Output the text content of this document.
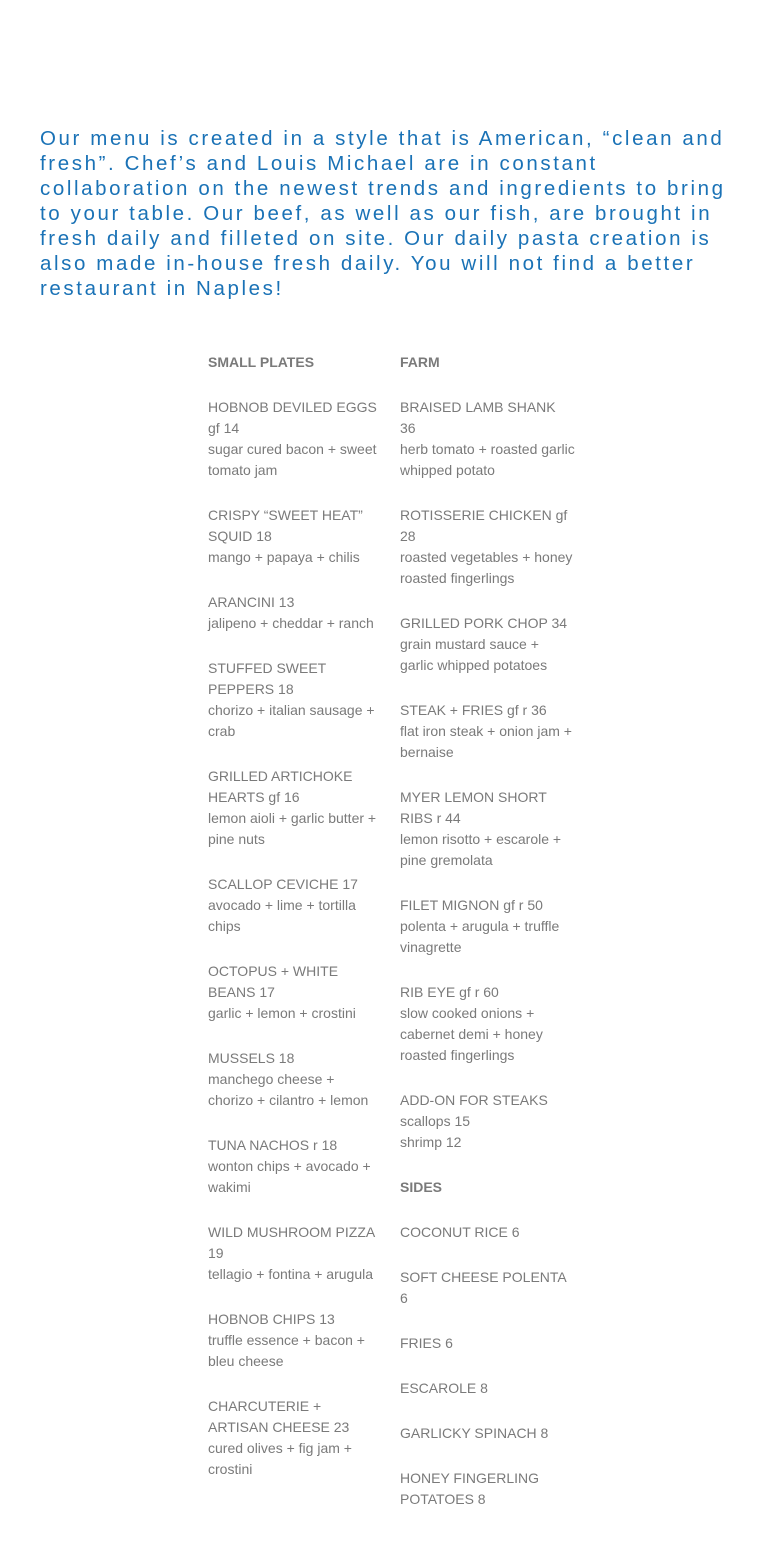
Our menu is created in a style that is American, “clean and fresh”. Chef’s and Louis Michael are in constant collaboration on the newest trends and ingredients to bring to your table. Our beef, as well as our fish, are brought in fresh daily and filleted on site. Our daily pasta creation is also made in-house fresh daily. You will not find a better restaurant in Naples!

SMALL PLATES
HOBNOB DEVILED EGGS gf 14
sugar cured bacon + sweet tomato jam
CRISPY “SWEET HEAT” SQUID 18
mango + papaya + chilis
ARANCINI 13
jalipeno + cheddar + ranch
STUFFED SWEET PEPPERS 18
chorizo + italian sausage + crab
GRILLED ARTICHOKE HEARTS gf 16
lemon aioli + garlic butter + pine nuts
SCALLOP CEVICHE 17
avocado + lime + tortilla chips
OCTOPUS + WHITE BEANS 17
garlic + lemon + crostini
MUSSELS 18
manchego cheese + chorizo + cilantro + lemon
TUNA NACHOS r 18
wonton chips + avocado + wakimi
WILD MUSHROOM PIZZA 19
tellagio + fontina + arugula
HOBNOB CHIPS 13
truffle essence + bacon + bleu cheese
CHARCUTERIE + ARTISAN CHEESE 23
cured olives + fig jam + crostini
FARM
BRAISED LAMB SHANK 36
herb tomato + roasted garlic whipped potato
ROTISSERIE CHICKEN gf 28
roasted vegetables + honey roasted fingerlings
GRILLED PORK CHOP 34
grain mustard sauce + garlic whipped potatoes
STEAK + FRIES gf r 36
flat iron steak + onion jam + bernaise
MYER LEMON SHORT RIBS r 44
lemon risotto + escarole + pine gremolata
FILET MIGNON gf r 50
polenta + arugula + truffle vinagrette
RIB EYE gf r 60
slow cooked onions + cabernet demi + honey roasted fingerlings
ADD-ON FOR STEAKS
scallops 15
shrimp 12
SIDES
COCONUT RICE 6
SOFT CHEESE POLENTA 6
FRIES 6
ESCAROLE 8
GARLICKY SPINACH 8
HONEY FINGERLING POTATOES 8
